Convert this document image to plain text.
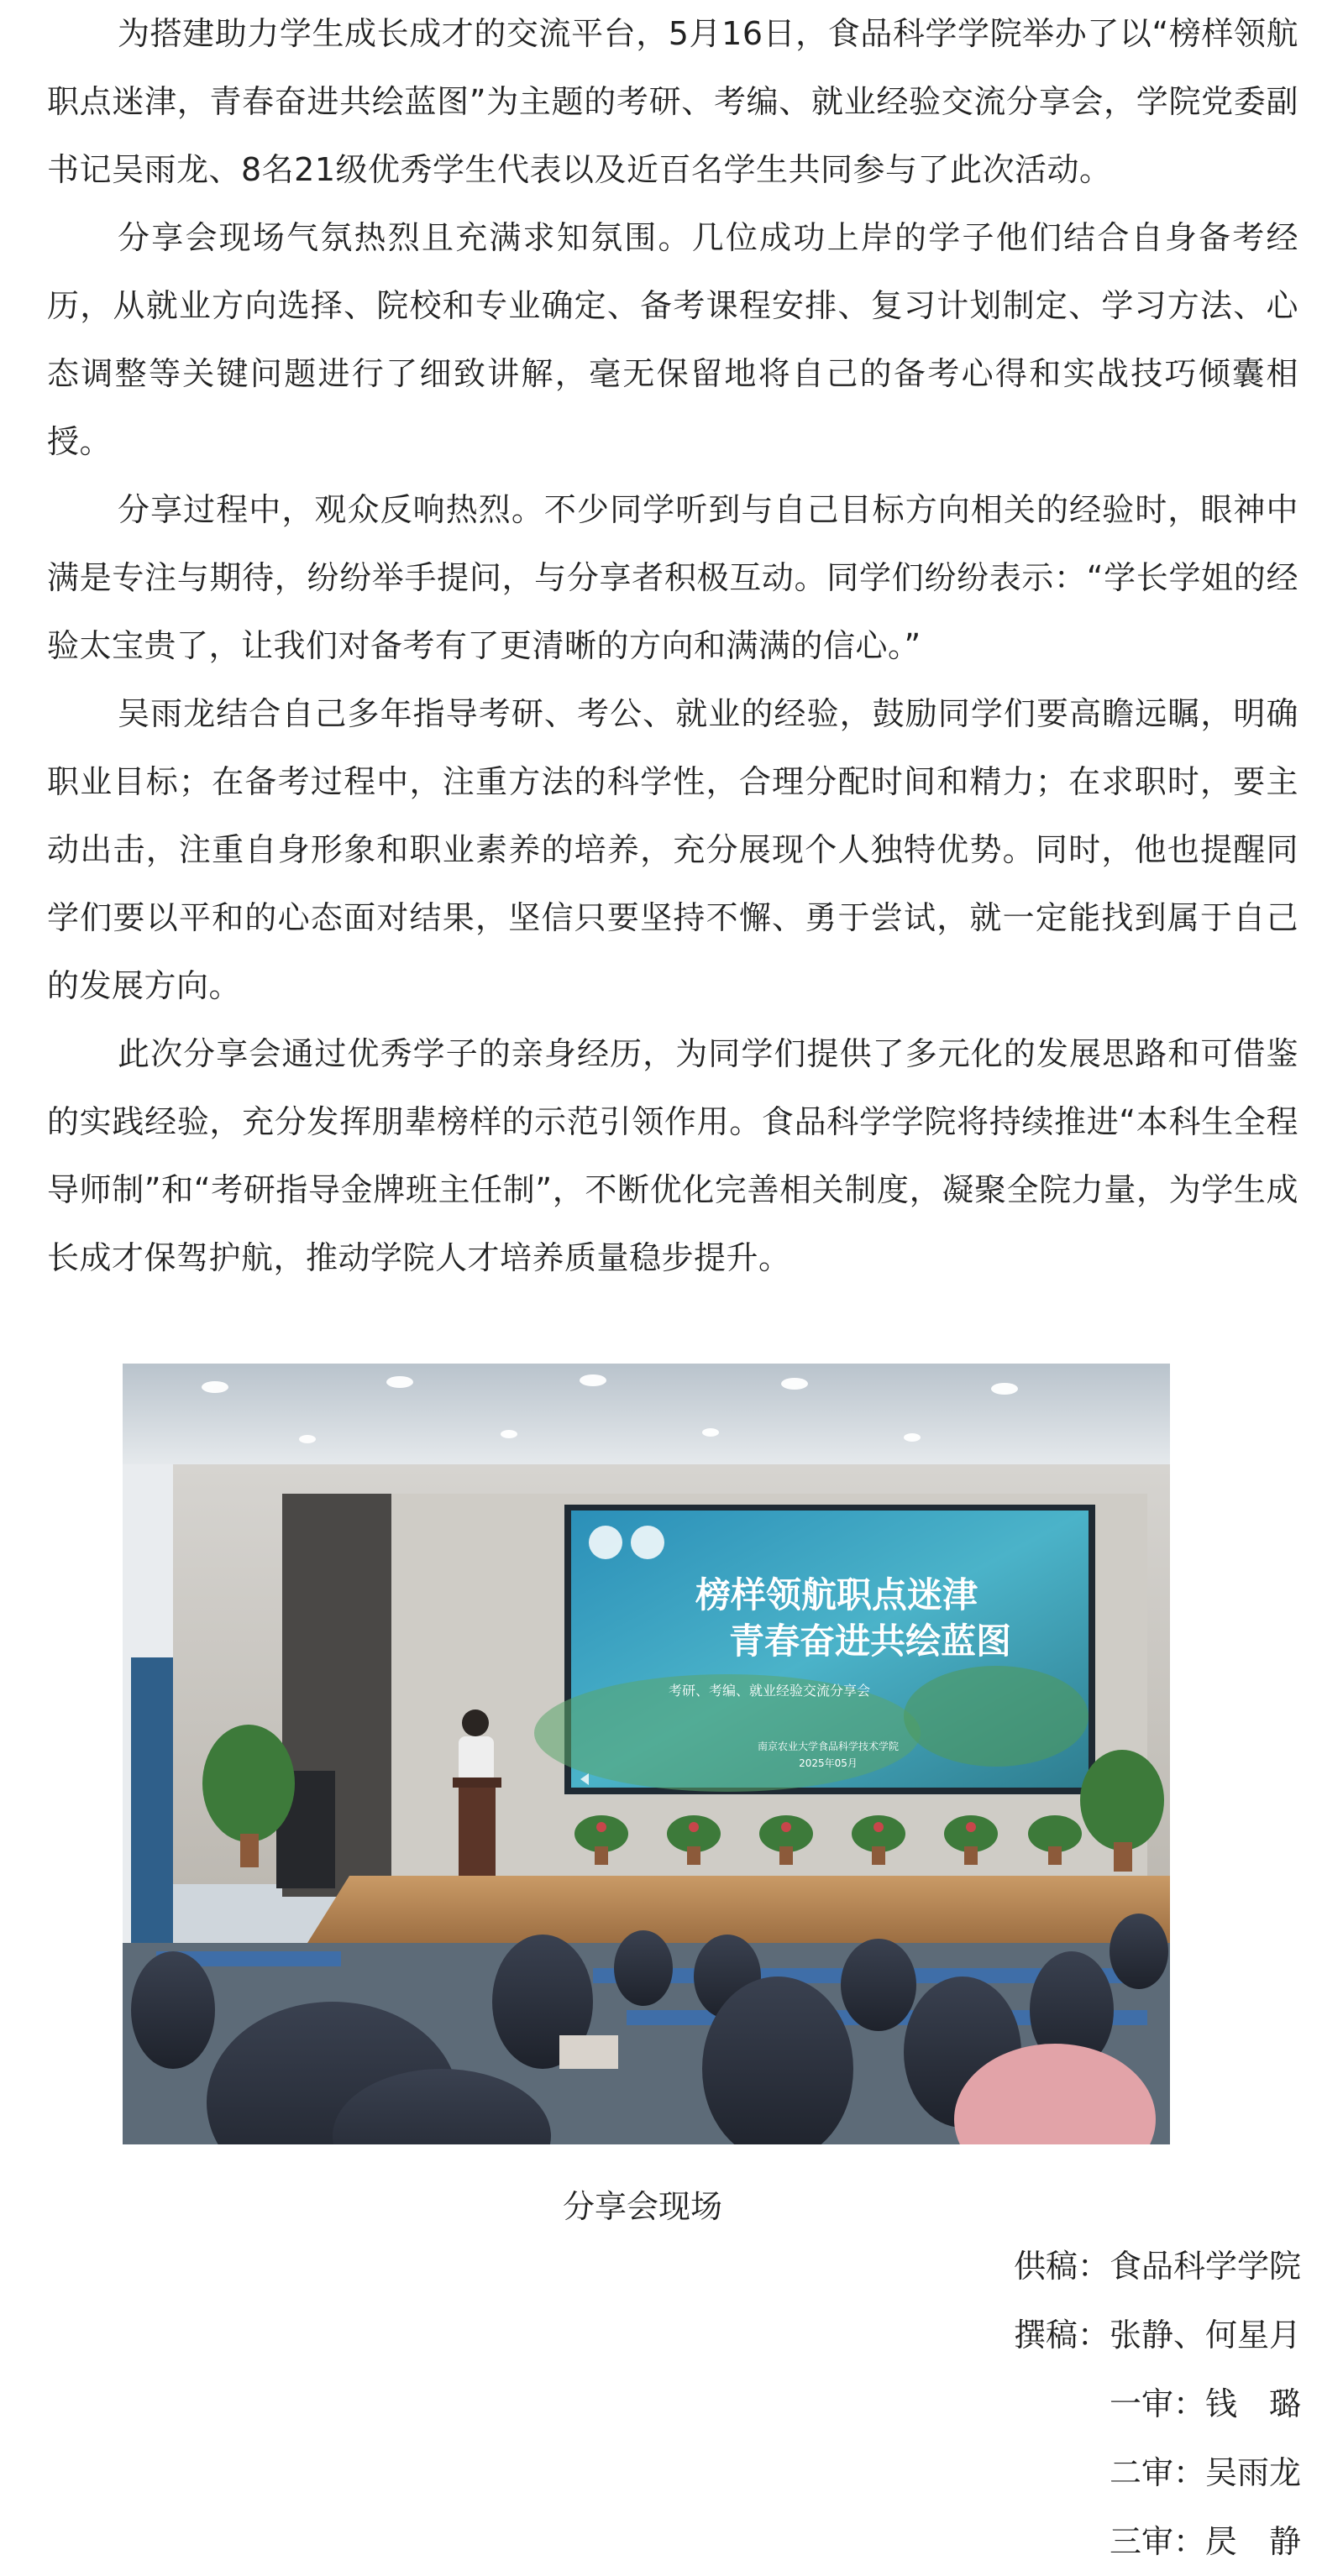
为搭建助力学生成长成才的交流平台，5月16日，食品科学学院举办了以“榜样领航职点迷津，青春奋进共绘蓝图”为主题的考研、考编、就业经验交流分享会，学院党委副书记吴雨龙、8名21级优秀学生代表以及近百名学生共同参与了此次活动。

分享会现场气氛热烈且充满求知氛围。几位成功上岸的学子他们结合自身备考经历，从就业方向选择、院校和专业确定、备考课程安排、复习计划制定、学习方法、心态调整等关键问题进行了细致讲解，毫无保留地将自己的备考心得和实战技巧倾囊相授。

分享过程中，观众反响热烈。不少同学听到与自己目标方向相关的经验时，眼神中满是专注与期待，纷纷举手提问，与分享者积极互动。同学们纷纷表示：“学长学姐的经验太宝贵了，让我们对备考有了更清晰的方向和满满的信心。”

吴雨龙结合自己多年指导考研、考公、就业的经验，鼓励同学们要高瞻远瞩，明确职业目标；在备考过程中，注重方法的科学性，合理分配时间和精力；在求职时，要主动出击，注重自身形象和职业素养的培养，充分展现个人独特优势。同时，他也提醒同学们要以平和的心态面对结果，坚信只要坚持不懈、勇于尝试，就一定能找到属于自己的发展方向。

此次分享会通过优秀学子的亲身经历，为同学们提供了多元化的发展思路和可借鉴的实践经验，充分发挥朋辈榜样的示范引领作用。食品科学学院将持续推进“本科生全程导师制”和“考研指导金牌班主任制”，不断优化完善相关制度，凝聚全院力量，为学生成长成才保驾护航，推动学院人才培养质量稳步提升。

榜样领航职点迷津
青春奋进共绘蓝图
考研、考编、就业经验交流分享会
南京农业大学食品科学技术学院
2025年05月
分享会现场
供稿 ：	食品科学学院
撰稿 ：	张静、何星月
一审 ：	钱　璐
二审 ：	吴雨龙
三审 ：	昃　静
